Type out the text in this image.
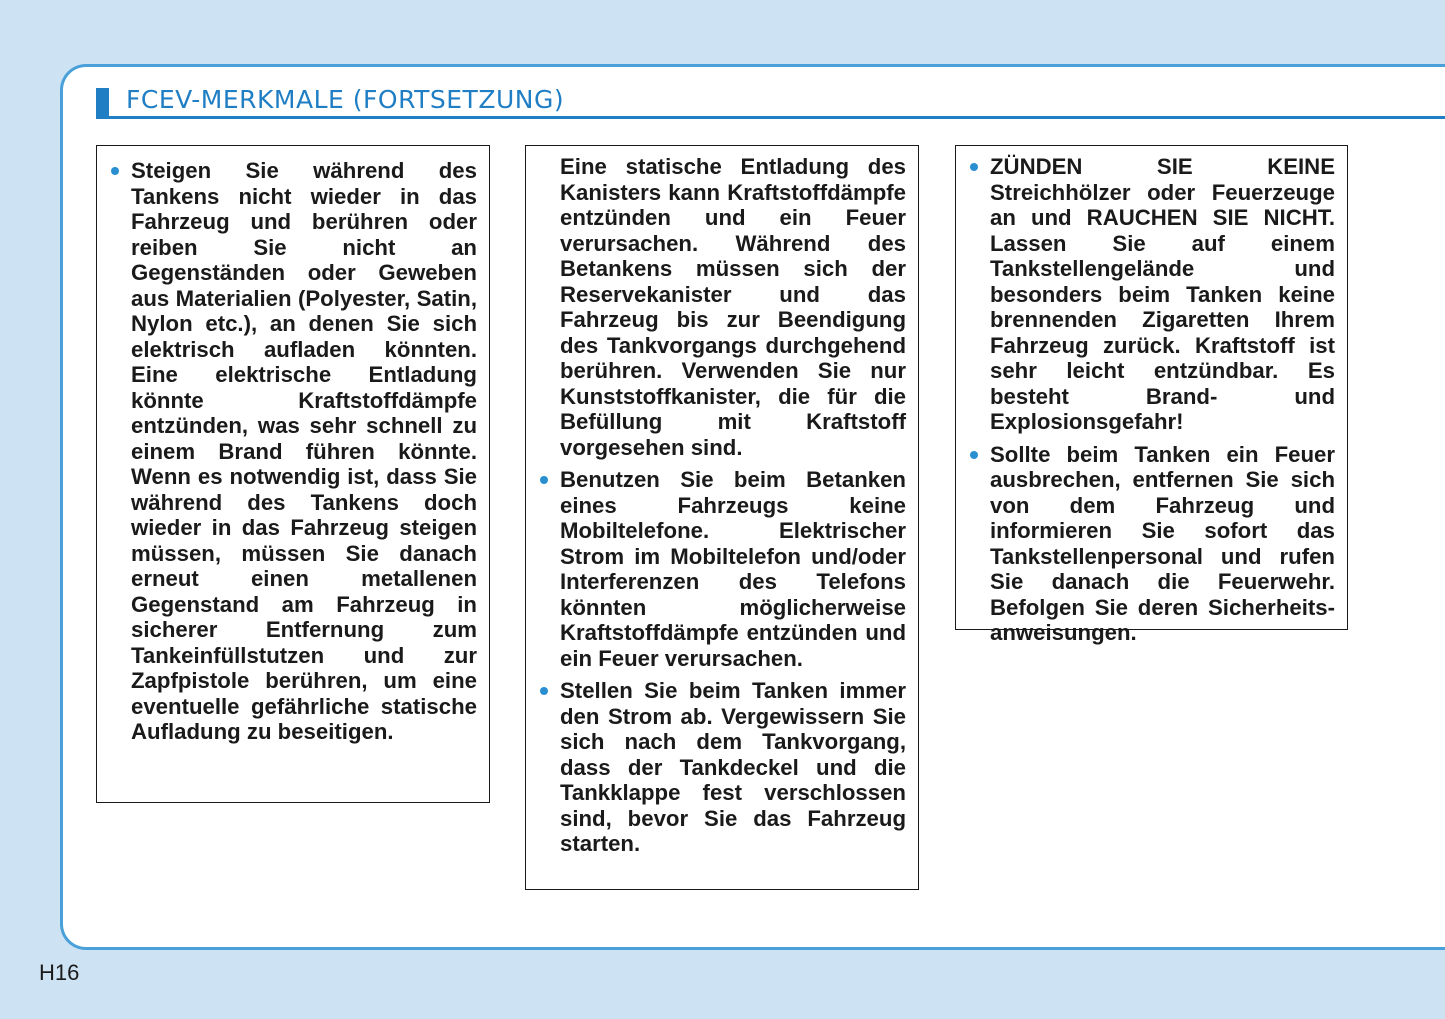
FCEV-MERKMALE (FORTSETZUNG)
Steigen Sie während des Tankens nicht wieder in das Fahrzeug und berühren oder reiben Sie nicht an Gegenständen oder Geweben aus Materialien (Polyester, Satin, Nylon etc.), an denen Sie sich elektrisch aufladen könnten. Eine elektrische Entladung könnte Kraftstoffdämpfe entzünden, was sehr schnell zu einem Brand führen könnte. Wenn es notwendig ist, dass Sie während des Tankens doch wieder in das Fahrzeug steigen müssen, müssen Sie danach erneut einen metallenen Gegenstand am Fahrzeug in sicherer Entfernung zum Tankeinfüllstutzen und zur Zapfpistole berühren, um eine eventuelle gefährliche statische Aufladung zu beseitigen.
Eine statische Entladung des Kanisters kann Kraftstoffdämpfe entzünden und ein Feuer verursachen. Während des Betankens müssen sich der Reservekanister und das Fahrzeug bis zur Beendigung des Tankvorgangs durchgehend berühren. Verwenden Sie nur Kunststoffkanister, die für die Befüllung mit Kraftstoff vorgesehen sind.
Benutzen Sie beim Betanken eines Fahrzeugs keine Mobiltelefone. Elektrischer Strom im Mobiltelefon und/oder Interferenzen des Telefons könnten möglicherweise Kraftstoffdämpfe entzünden und ein Feuer verursachen.
Stellen Sie beim Tanken immer den Strom ab. Vergewissern Sie sich nach dem Tankvorgang, dass der Tankdeckel und die Tankklappe fest verschlossen sind, bevor Sie das Fahrzeug starten.
ZÜNDEN SIE KEINE Streichhölzer oder Feuerzeuge an und RAUCHEN SIE NICHT. Lassen Sie auf einem Tankstellengelände und besonders beim Tanken keine brennenden Zigaretten Ihrem Fahrzeug zurück. Kraftstoff ist sehr leicht entzündbar. Es besteht Brand- und Explosionsgefahr!
Sollte beim Tanken ein Feuer ausbrechen, entfernen Sie sich von dem Fahrzeug und informieren Sie sofort das Tankstellenpersonal und rufen Sie danach die Feuerwehr. Befolgen Sie deren Sicherheits-anweisungen.
H16
